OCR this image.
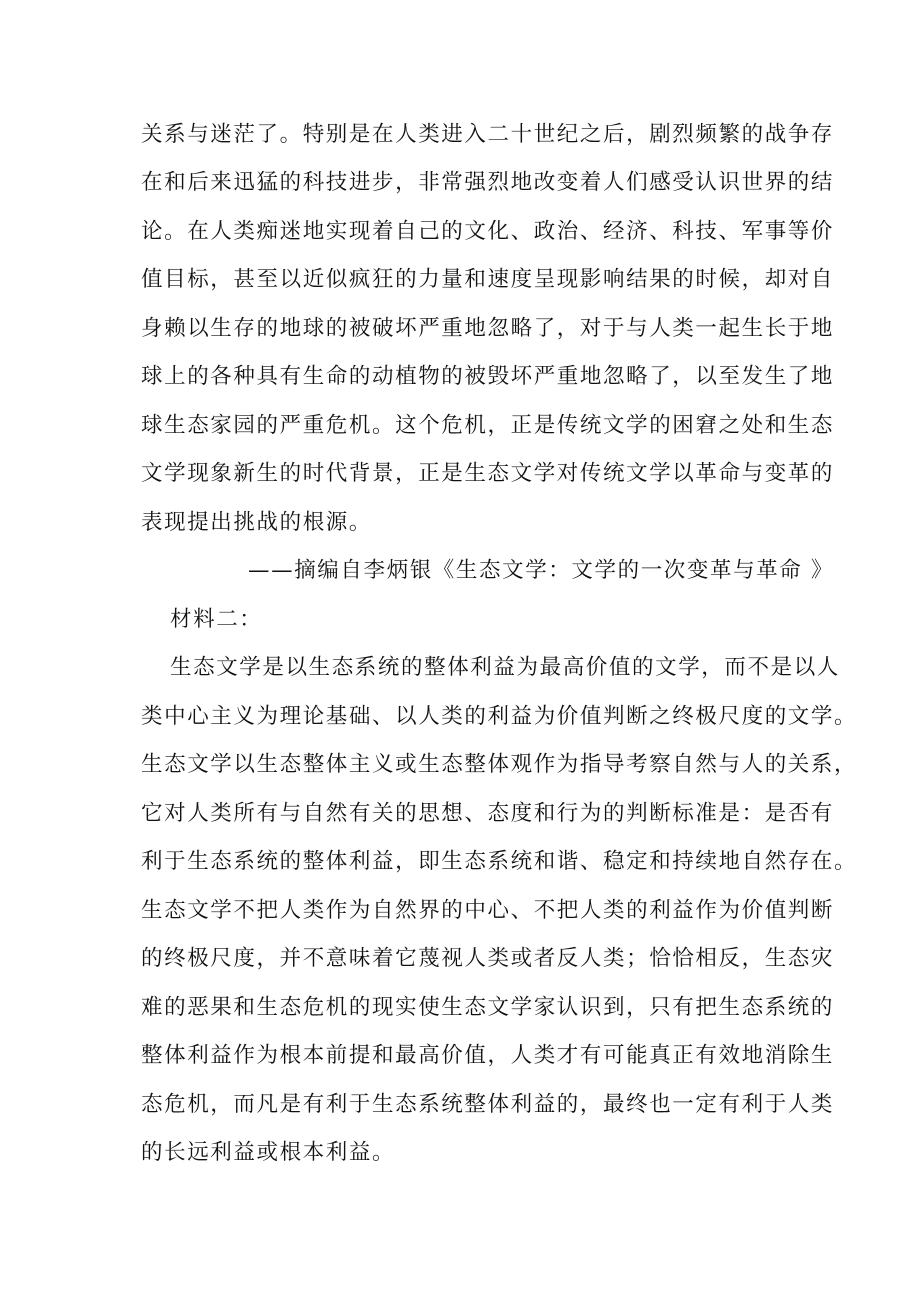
关系与迷茫了。特别是在人类进入二十世纪之后，剧烈频繁的战争存
在和后来迅猛的科技进步，非常强烈地改变着人们感受认识世界的结
论。在人类痴迷地实现着自己的文化、政治、经济、科技、军事等价
值目标，甚至以近似疯狂的力量和速度呈现影响结果的时候，却对自
身赖以生存的地球的被破坏严重地忽略了，对于与人类一起生长于地
球上的各种具有生命的动植物的被毁坏严重地忽略了，以至发生了地
球生态家园的严重危机。这个危机，正是传统文学的困窘之处和生态
文学现象新生的时代背景，正是生态文学对传统文学以革命与变革的
表现提出挑战的根源。
——摘编自李炳银《生态文学：文学的一次变革与革命 》
材料二：
生态文学是以生态系统的整体利益为最高价值的文学，而不是以人
类中心主义为理论基础、以人类的利益为价值判断之终极尺度的文学。
生态文学以生态整体主义或生态整体观作为指导考察自然与人的关系，
它对人类所有与自然有关的思想、态度和行为的判断标准是：是否有
利于生态系统的整体利益，即生态系统和谐、稳定和持续地自然存在。
生态文学不把人类作为自然界的中心、不把人类的利益作为价值判断
的终极尺度，并不意味着它蔑视人类或者反人类；恰恰相反，生态灾
难的恶果和生态危机的现实使生态文学家认识到，只有把生态系统的
整体利益作为根本前提和最高价值，人类才有可能真正有效地消除生
态危机，而凡是有利于生态系统整体利益的，最终也一定有利于人类
的长远利益或根本利益。
